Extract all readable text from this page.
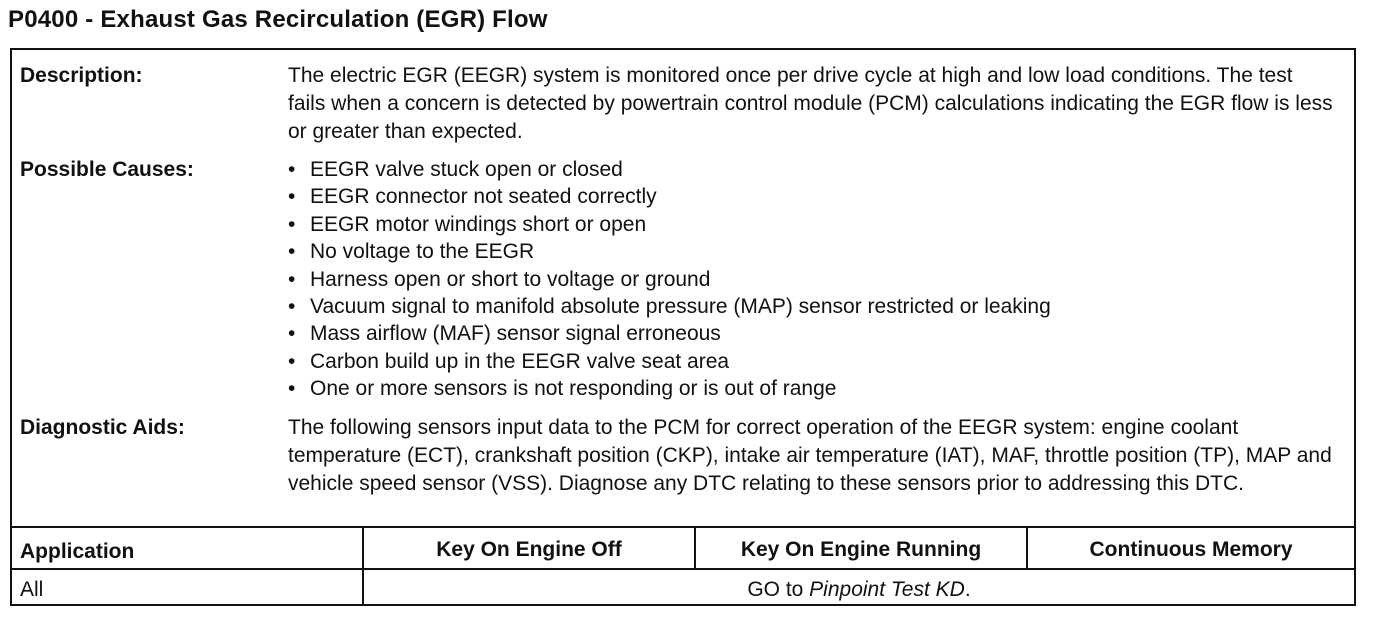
P0400 - Exhaust Gas Recirculation (EGR) Flow
Description:	The electric EGR (EEGR) system is monitored once per drive cycle at high and low load conditions. The test fails when a concern is detected by powertrain control module (PCM) calculations indicating the EGR flow is less or greater than expected.
Possible Causes:	• EEGR valve stuck open or closed
• EEGR connector not seated correctly
• EEGR motor windings short or open
• No voltage to the EEGR
• Harness open or short to voltage or ground
• Vacuum signal to manifold absolute pressure (MAP) sensor restricted or leaking
• Mass airflow (MAF) sensor signal erroneous
• Carbon build up in the EEGR valve seat area
• One or more sensors is not responding or is out of range
Diagnostic Aids:	The following sensors input data to the PCM for correct operation of the EEGR system: engine coolant temperature (ECT), crankshaft position (CKP), intake air temperature (IAT), MAF, throttle position (TP), MAP and vehicle speed sensor (VSS). Diagnose any DTC relating to these sensors prior to addressing this DTC.
Application	Key On Engine Off	Key On Engine Running	Continuous Memory
All	GO to Pinpoint Test KD.
